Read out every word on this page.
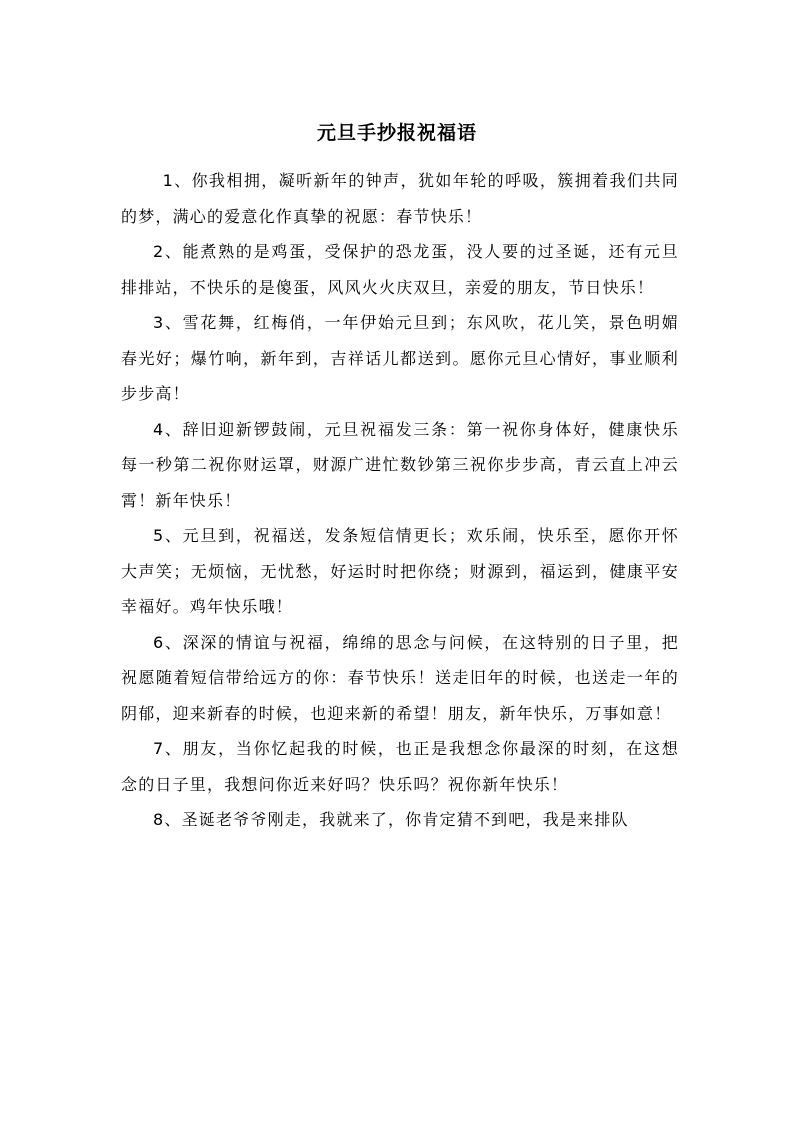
元旦手抄报祝福语

1、你我相拥，凝听新年的钟声，犹如年轮的呼吸，簇拥着我们共同的梦，满心的爱意化作真挚的祝愿：春节快乐！

2、能煮熟的是鸡蛋，受保护的恐龙蛋，没人要的过圣诞，还有元旦排排站，不快乐的是傻蛋，风风火火庆双旦，亲爱的朋友，节日快乐！

3、雪花舞，红梅俏，一年伊始元旦到；东风吹，花儿笑，景色明媚春光好；爆竹响，新年到，吉祥话儿都送到。愿你元旦心情好，事业顺利步步高！

4、辞旧迎新锣鼓闹，元旦祝福发三条：第一祝你身体好，健康快乐每一秒第二祝你财运罩，财源广进忙数钞第三祝你步步高，青云直上冲云霄！新年快乐！

5、元旦到，祝福送，发条短信情更长；欢乐闹，快乐至，愿你开怀大声笑；无烦恼，无忧愁，好运时时把你绕；财源到，福运到，健康平安幸福好。鸡年快乐哦！

6、深深的情谊与祝福，绵绵的思念与问候，在这特别的日子里，把祝愿随着短信带给远方的你：春节快乐！送走旧年的时候，也送走一年的阴郁，迎来新春的时候，也迎来新的希望！朋友，新年快乐，万事如意！

7、朋友，当你忆起我的时候，也正是我想念你最深的时刻，在这想念的日子里，我想问你近来好吗？快乐吗？祝你新年快乐！

8、圣诞老爷爷刚走，我就来了，你肯定猜不到吧，我是来排队
